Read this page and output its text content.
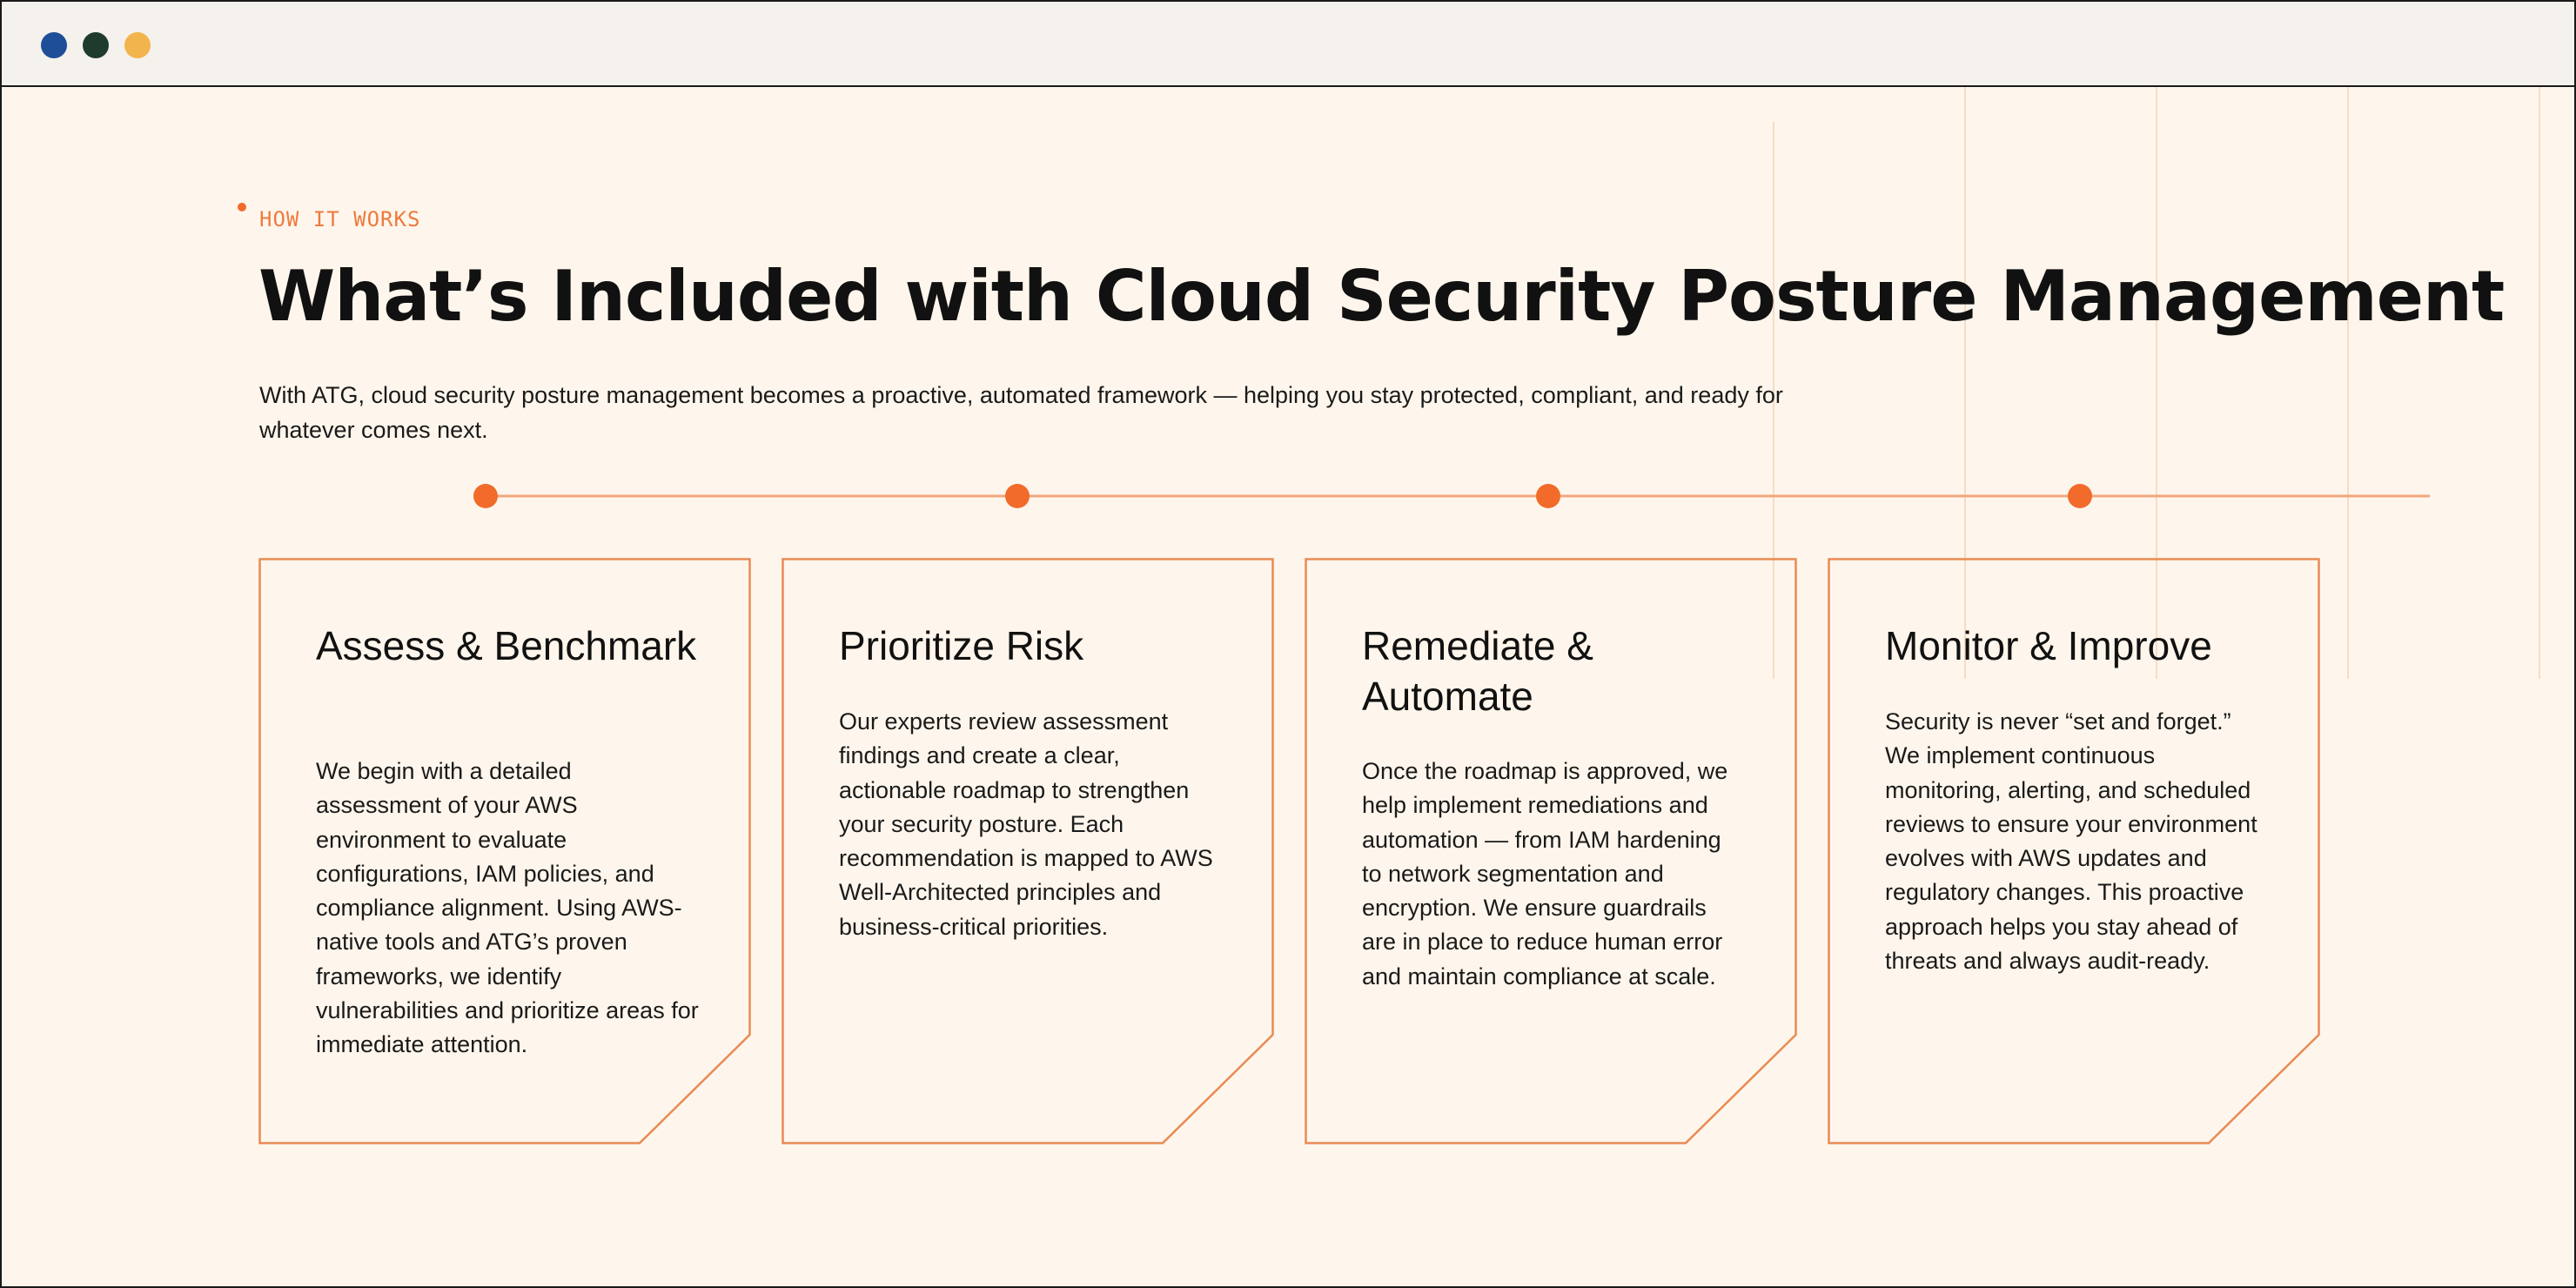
HOW IT WORKS
What’s Included with Cloud Security Posture Management

With ATG, cloud security posture management becomes a proactive, automated framework — helping you stay protected, compliant, and ready for whatever comes next.

Assess & Benchmark

We begin with a detailed assessment of your AWS environment to evaluate configurations, IAM policies, and compliance alignment. Using AWS-native tools and ATG’s proven frameworks, we identify vulnerabilities and prioritize areas for immediate attention.

Prioritize Risk

Our experts review assessment findings and create a clear, actionable roadmap to strengthen your security posture. Each recommendation is mapped to AWS Well-Architected principles and business-critical priorities.

Remediate & Automate

Once the roadmap is approved, we help implement remediations and automation — from IAM hardening to network segmentation and encryption. We ensure guardrails are in place to reduce human error and maintain compliance at scale.

Monitor & Improve

Security is never “set and forget.” We implement continuous monitoring, alerting, and scheduled reviews to ensure your environment evolves with AWS updates and regulatory changes. This proactive approach helps you stay ahead of threats and always audit-ready.
